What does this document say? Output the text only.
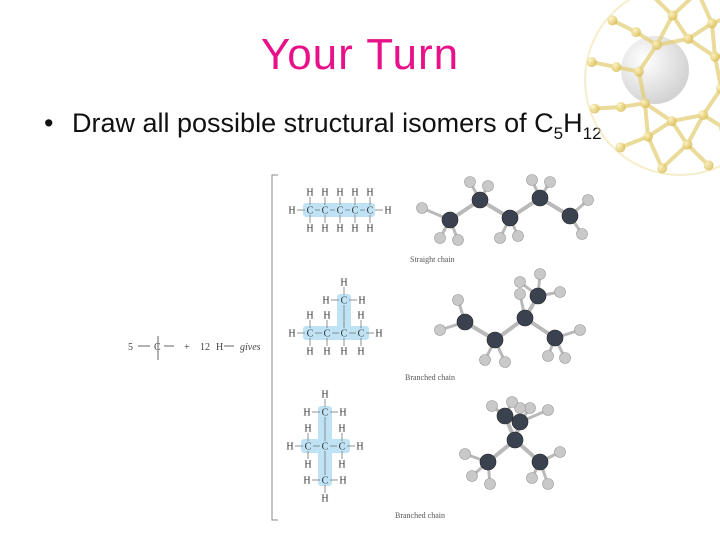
Your Turn
• Draw all possible structural isomers of $C_5H_{12}$
5 C + 12 H gives
C
H
H
H	C
H
H
C
H
H
C
H
H
C
H
H
H
C
H
H
H
C
H
H
C
H
C
H
H
H
C
H
H	H
C
H
H	H
C
H
H
H
C C H
H
H
C
H
H	H
Straight chain
Branched chain
Branched chain
